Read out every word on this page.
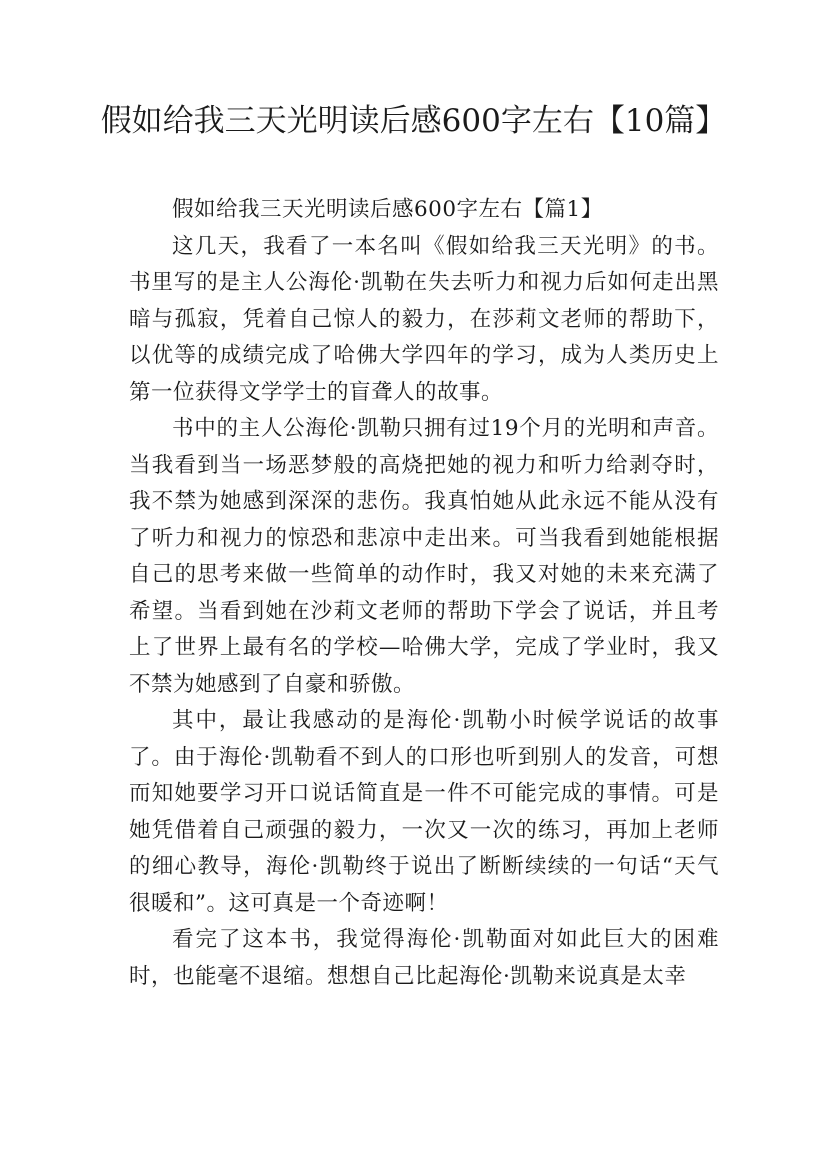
假如给我三天光明读后感600字左右【10篇】

假如给我三天光明读后感600字左右【篇1】

这几天，我看了一本名叫《假如给我三天光明》的书。书里写的是主人公海伦·凯勒在失去听力和视力后如何走出黑暗与孤寂，凭着自己惊人的毅力，在莎莉文老师的帮助下，以优等的成绩完成了哈佛大学四年的学习，成为人类历史上第一位获得文学学士的盲聋人的故事。

书中的主人公海伦·凯勒只拥有过19个月的光明和声音。当我看到当一场恶梦般的高烧把她的视力和听力给剥夺时，我不禁为她感到深深的悲伤。我真怕她从此永远不能从没有了听力和视力的惊恐和悲凉中走出来。可当我看到她能根据自己的思考来做一些简单的动作时，我又对她的未来充满了希望。当看到她在沙莉文老师的帮助下学会了说话，并且考上了世界上最有名的学校—哈佛大学，完成了学业时，我又不禁为她感到了自豪和骄傲。

其中，最让我感动的是海伦·凯勒小时候学说话的故事了。由于海伦·凯勒看不到人的口形也听到别人的发音，可想而知她要学习开口说话简直是一件不可能完成的事情。可是她凭借着自己顽强的毅力，一次又一次的练习，再加上老师的细心教导，海伦·凯勒终于说出了断断续续的一句话“天气很暖和”。这可真是一个奇迹啊！

看完了这本书，我觉得海伦·凯勒面对如此巨大的困难时，也能毫不退缩。想想自己比起海伦·凯勒来说真是太幸
